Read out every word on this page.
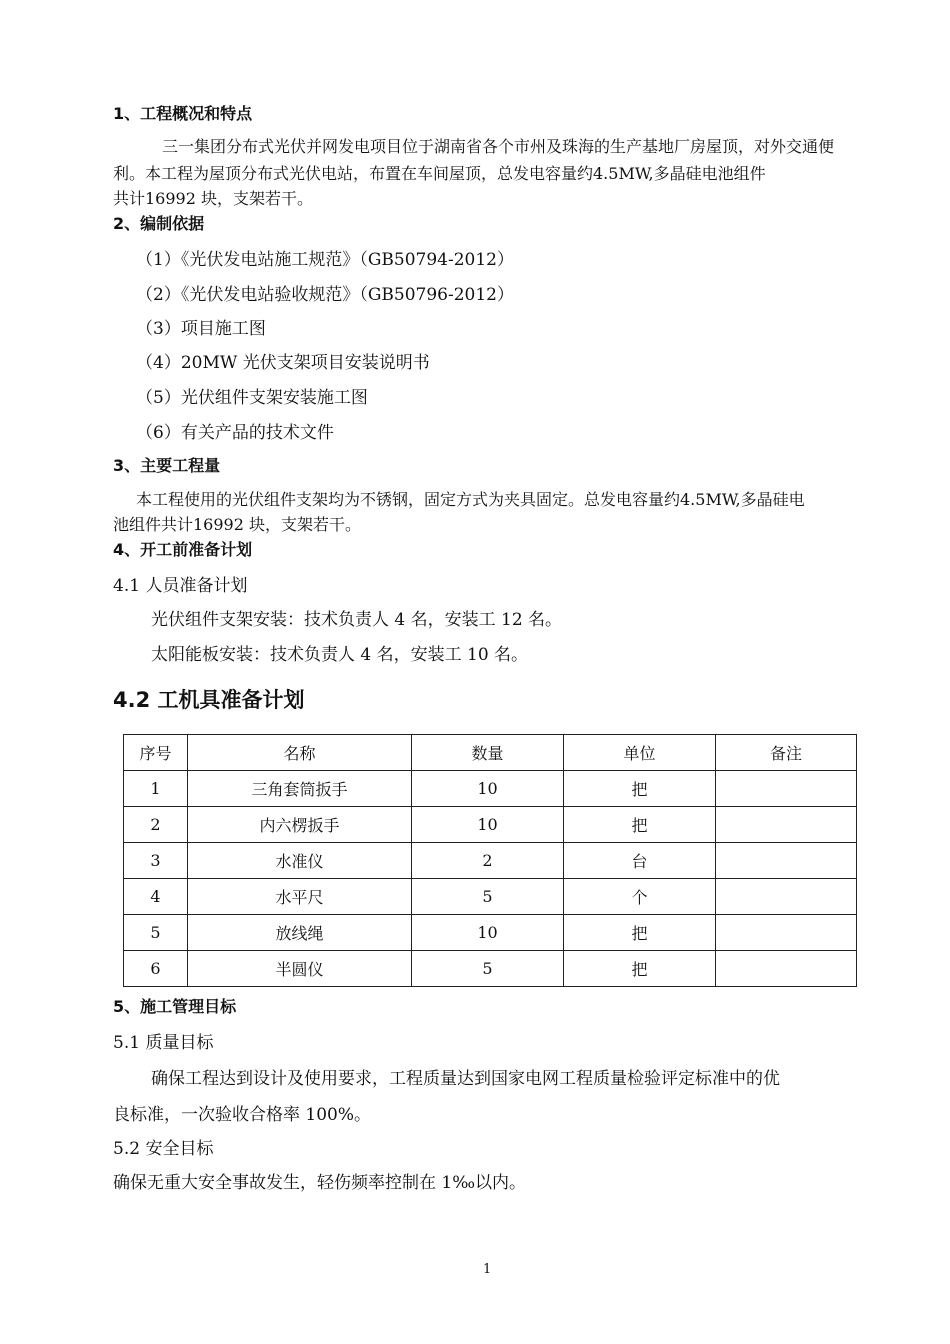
1、工程概况和特点
三一集团分布式光伏并网发电项目位于湖南省各个市州及珠海的生产基地厂房屋顶，对外交通便
利。本工程为屋顶分布式光伏电站，布置在车间屋顶，总发电容量约4.5MW,多晶硅电池组件
共计16992 块，支架若干。
2、编制依据
（1）《光伏发电站施工规范》（GB50794-2012）
（2）《光伏发电站验收规范》（GB50796-2012）
（3）项目施工图
（4）20MW 光伏支架项目安装说明书
（5）光伏组件支架安装施工图
（6）有关产品的技术文件
3、主要工程量
本工程使用的光伏组件支架均为不锈钢，固定方式为夹具固定。总发电容量约4.5MW,多晶硅电
池组件共计16992 块，支架若干。
4、开工前准备计划
4.1 人员准备计划
光伏组件支架安装：技术负责人 4 名，安装工 12 名。
太阳能板安装：技术负责人 4 名，安装工 10 名。
4.2 工机具准备计划
序号	名称	数量	单位	备注
1	三角套筒扳手	10	把	
2	内六楞扳手	10	把	
3	水准仪	2	台	
4	水平尺	5	个	
5	放线绳	10	把	
6	半圆仪	5	把	
5、施工管理目标
5.1 质量目标
确保工程达到设计及使用要求，工程质量达到国家电网工程质量检验评定标准中的优
良标准，一次验收合格率 100%。
5.2 安全目标
确保无重大安全事故发生，轻伤频率控制在 1‰以内。
1
